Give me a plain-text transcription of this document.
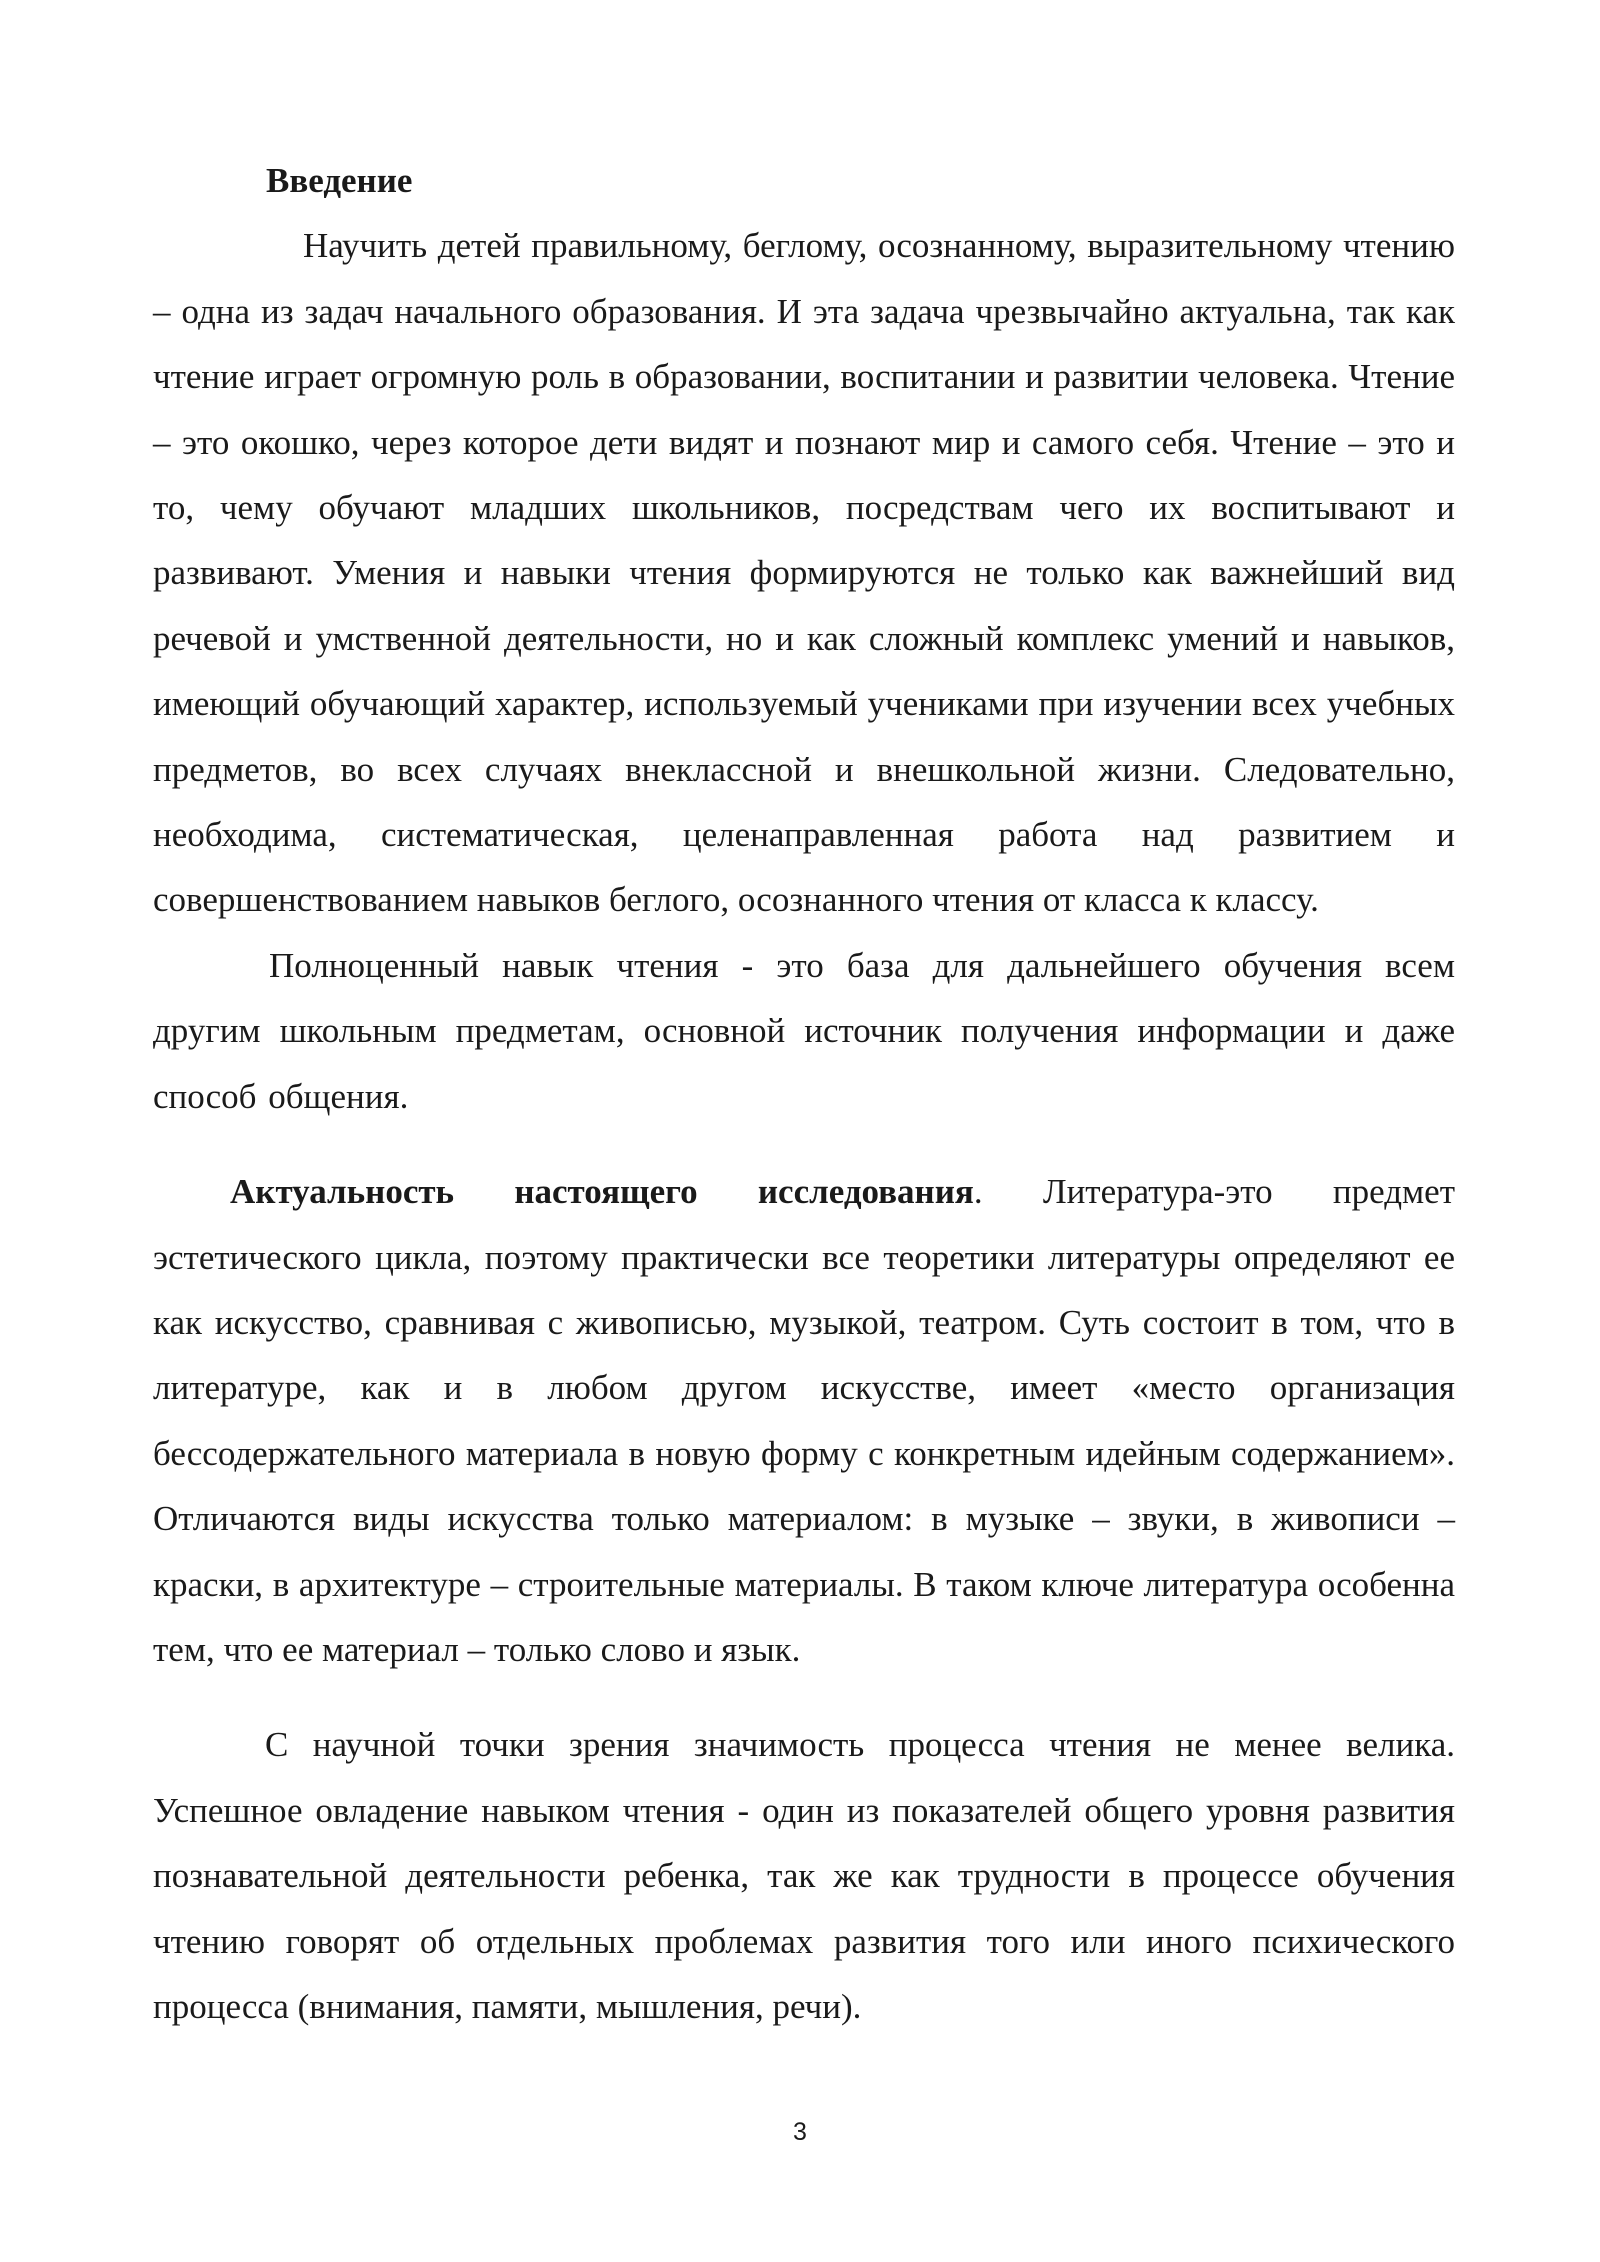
Введение

Научить детей правильному, беглому, осознанному, выразительному чтению – одна из задач начального образования. И эта задача чрезвычайно актуальна, так как чтение играет огромную роль в образовании, воспитании и развитии человека. Чтение – это окошко, через которое дети видят и познают мир и самого себя. Чтение – это и то, чему обучают младших школьников, посредствам чего их воспитывают и развивают. Умения и навыки чтения формируются не только как важнейший вид речевой и умственной деятельности, но и как сложный комплекс умений и навыков, имеющий обучающий характер, используемый учениками при изучении всех учебных предметов, во всех случаях внеклассной и внешкольной жизни. Следовательно, необходима, систематическая, целенаправленная работа над развитием и совершенствованием навыков беглого, осознанного чтения от класса к классу.

Полноценный навык чтения - это база для дальнейшего обучения всем другим школьным предметам, основной источник получения информации и даже способ общения.

Актуальность настоящего исследования. Литература-это предмет эстетического цикла, поэтому практически все теоретики литературы определяют ее как искусство, сравнивая с живописью, музыкой, театром. Суть состоит в том, что в литературе, как и в любом другом искусстве, имеет «место организация бессодержательного материала в новую форму с конкретным идейным содержанием». Отличаются виды искусства только материалом: в музыке – звуки, в живописи – краски, в архитектуре – строительные материалы. В таком ключе литература особенна тем, что ее материал – только слово и язык.

С научной точки зрения значимость процесса чтения не менее велика. Успешное овладение навыком чтения - один из показателей общего уровня развития познавательной деятельности ребенка, так же как трудности в процессе обучения чтению говорят об отдельных проблемах развития того или иного психического процесса (внимания, памяти, мышления, речи).

3
